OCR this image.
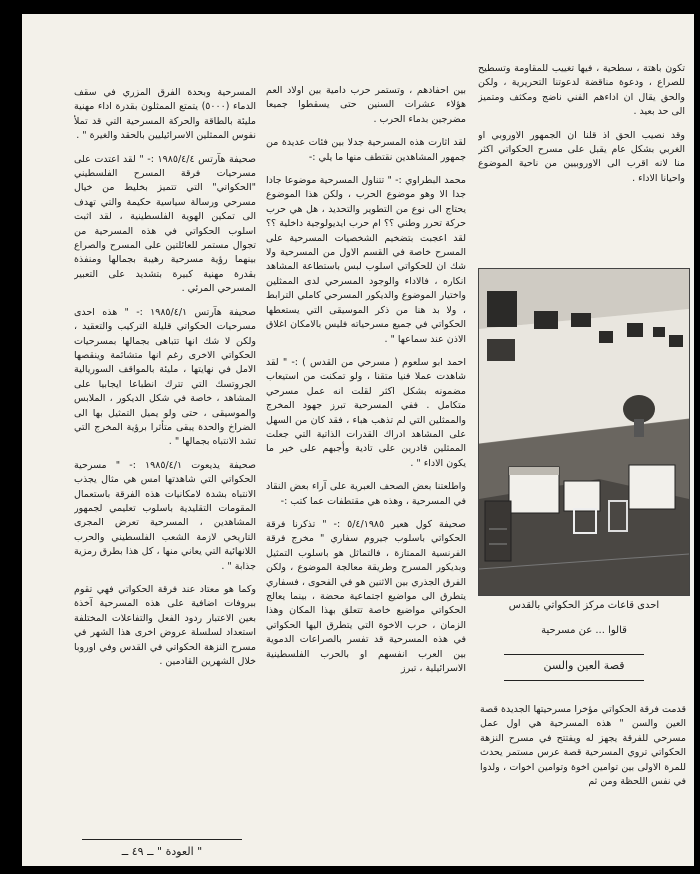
تكون باهتة ، سطحية ، فيها تغييب للمقاومة وتسطيح للصراع ، ودعوة مناقضة لدعوتنا التحريرية ، ولكن والحق يقال ان اداءهم الفني ناضج ومكثف ومتميز الى حد بعيد .

وقد نصيب الحق اذ قلنا ان الجمهور الاوروبي او الغربي بشكل عام يقبل على مسرح الحكواتي اكثر منا لانه اقرب الى الاوروبيين من ناحية الموضوع واحيانا الاداء .

احدى قاعات مركز الحكواتي بالقدس
قالوا ... عن مسرحية
قصة العين والسن

قدمت فرقة الحكواتي مؤخرا مسرحيتها الجديدة قصة العين والسن " هذه المسرحية هي اول عمل مسرحي للفرقة يجهز له ويفتتح في مسرح النزهة الحكواتي تروي المسرحية قصة عرس مستمر يحدث للمرة الاولى بين توامين اخوة وتوامين اخوات ، ولدوا في نفس اللحظة ومن ثم

بين احفادهم ، وتستمر حرب دامية بين اولاد العم هؤلاء عشرات السنين حتى يسقطوا جميعا مضرجين بدماء الحرب .

لقد اثارت هذه المسرحية جدلا بين فئات عديدة من جمهور المشاهدين نقتطف منها ما يلي :-

محمد البطراوي :- " تتناول المسرحية موضوعا جادا جدا الا وهو موضوع الحرب ، ولكن هذا الموضوع يحتاج الى نوع من التطوير والتحديد ، هل هي حرب حركة تحرر وطني ؟؟ ام حرب ايديولوجية داخلية ؟؟ لقد اعجبت بتضخيم الشخصيات المسرحية على المسرح خاصة في القسم الاول من المسرحية ولا شك ان للحكواتي اسلوب لبس باستطاعة المشاهد انكاره ، فالاداء والوجود المسرحي لدى الممثلين واختيار الموضوع والديكور المسرحي كاملي الترابط ، ولا بد هنا من ذكر الموسيقى التي يستعطها الحكواتي في جميع مسرحياته فليس بالامكان اغلاق الاذن عند سماعها " .

احمد ابو سلعوم ( مسرحي من القدس ) :- " لقد شاهدت عملا فنيا متقنا ، ولو تمكنت من استيعاب مضمونه بشكل اكثر لقلت انه عمل مسرحي متكامل . ففي المسرحية تبرز جهود المخرج والممثلين التي لم تذهب هباء ، فقد كان من السهل على المشاهد ادراك القدرات الذاتية التي جعلت الممثلين قادرين على تادية وأجبهم على خير ما يكون الاداء " .

واطلعتنا بعض الصحف العبرية على آراء بعض النقاد في المسرحية ، وهذه هي مقتطفات عما كتب :-

صحيفة كول هعير ٥/٤/١٩٨٥ :- " تذكرنا فرقة الحكواتي باسلوب جيروم سفاري " مخرج فرقة الفرنسية الممتازة ، فالتماثل هو باسلوب التمثيل وبديكور المسرح وطريقة معالجة الموضوع ، ولكن الفرق الجذري بين الاثنين هو في الفحوى ، فسفاري يتطرق الى مواضيع اجتماعية محضة ، بينما يعالج الحكواتي مواضيع خاصة تتعلق بهذا المكان وهذا الزمان ، حرب الاخوة التي يتطرق اليها الحكواتي في هذه المسرحية قد تفسر بالصراعات الدموية بين العرب انفسهم او بالحرب الفلسطينية الاسرائيلية ، تبرز

المسرحية وبحدة الفرق المزري في سقف الدماء (٥٠٠٠) يتمتع الممثلون بقدرة اداء مهنية مليئة بالطاقة والحركة المسرحية التي قد تملأ نفوس الممثلين الاسرائيليين بالحقد والغيرة " .

صحيفة هآرتس ١٩٨٥/٤/٤ :- " لقد اعتدت على مسرحيات فرقة المسرح الفلسطيني "الحكواتي" التي تتميز بخليط من خيال مسرحي ورسالة سياسية حكيمة والتي تهدف الى تمكين الهوية الفلسطينية ، لقد اثبت اسلوب الحكواتي في هذه المسرحية من تجوال مستمر للعائلتين على المسرح والصراع بينهما رؤية مسرحية رهيبة بجمالها ومنفذة بقدرة مهنية كبيرة بتشديد على التعبير المسرحي المرئي .

صحيفة هآرتس ١٩٨٥/٤/١ :- " هذه احدى مسرحيات الحكواتي قليلة التركيب والتعقيد ، ولكن لا شك انها تتباهى بجمالها بمسرحيات الحكواتي الاخرى رغم انها متشائمة وينقصها الامل في نهايتها ، مليئة بالمواقف السوريالية الجروتسك التي تترك انطباعا ايجابيا على المشاهد ، خاصة في شكل الديكور ، الملابس والموسيقى ، حتى ولو يميل التمثيل بها الى الضراخ والحدة يبقى متأثرا برؤية المخرج التي تشد الانتباه بجمالها " .

صحيفة يديعوت ١٩٨٥/٤/١ :- " مسرحية الحكواتي التي شاهدتها امس هي مثال يجذب الانتباه بشدة لامكانيات هذه الفرقة باستعمال المقومات التقليدية باسلوب تعليمي لجمهور المشاهدين ، المسرحية تعرض المجرى التاريخي لازمة الشعب الفلسطيني والحرب اللانهائية التي يعاني منها ، كل هذا بطرق رمزية جذابة " .

وكما هو معتاد عند فرقة الحكواتي فهي تقوم ببروفات اضافية على هذه المسرحية آخذة بعين الاعتبار ردود الفعل والتفاعلات المختلفة استعداد لسلسلة عروض اخرى هذا الشهر في مسرح النزهة الحكواتي في القدس وفي اوروبا خلال الشهرين القادمين .

" العودة " ــ ٤٩ ــ
